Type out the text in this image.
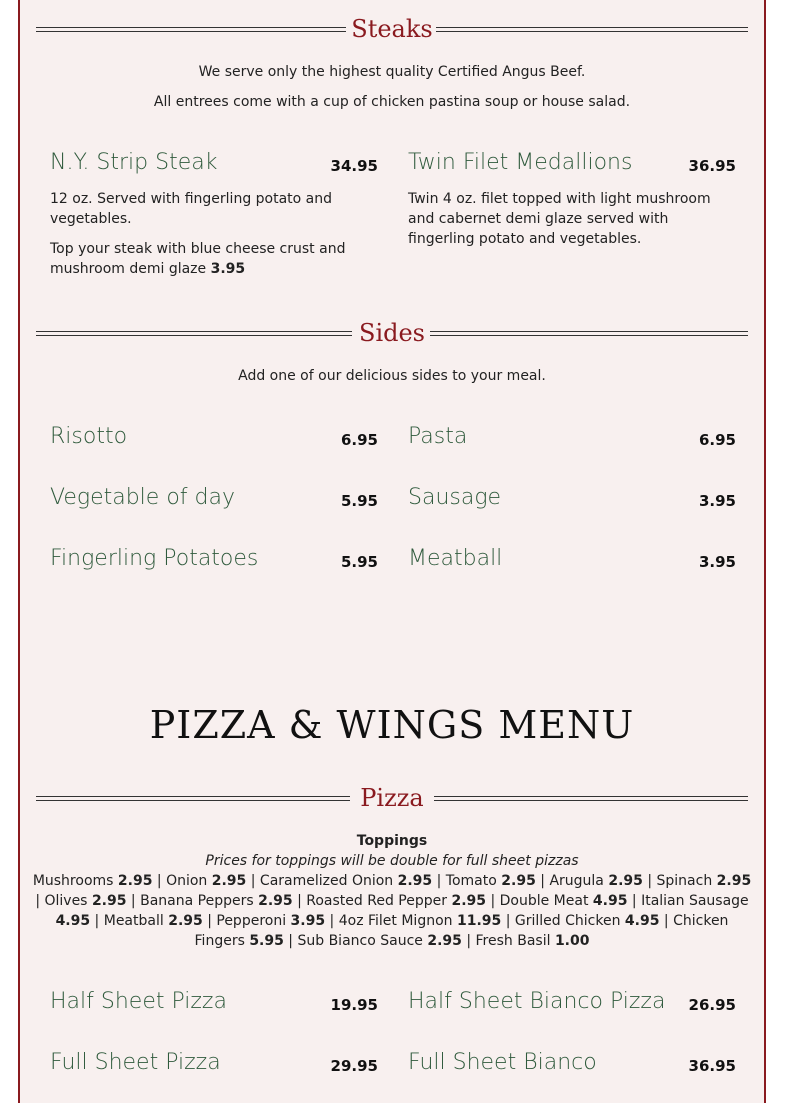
Steaks
We serve only the highest quality Certified Angus Beef.
All entrees come with a cup of chicken pastina soup or house salad.
N.Y. Strip Steak	34.95
12 oz. Served with fingerling potato and vegetables.
Top your steak with blue cheese crust and mushroom demi glaze 3.95
Twin Filet Medallions	36.95
Twin 4 oz. filet topped with light mushroom and cabernet demi glaze served with fingerling potato and vegetables.
Sides
Add one of our delicious sides to your meal.
Risotto	6.95 Pasta	6.95
Vegetable of day	5.95 Sausage	3.95
Fingerling Potatoes	5.95 Meatball	3.95
PIZZA & WINGS MENU
Pizza
Toppings
Prices for toppings will be double for full sheet pizzas
Mushrooms 2.95 | Onion 2.95 | Caramelized Onion 2.95 | Tomato 2.95 | Arugula 2.95 | Spinach 2.95 | Olives 2.95 | Banana Peppers 2.95 | Roasted Red Pepper 2.95 | Double Meat 4.95 | Italian Sausage 4.95 | Meatball 2.95 | Pepperoni 3.95 | 4oz Filet Mignon 11.95 | Grilled Chicken 4.95 | Chicken Fingers 5.95 | Sub Bianco Sauce 2.95 | Fresh Basil 1.00
Half Sheet Pizza	19.95 Half Sheet Bianco Pizza	26.95
Full Sheet Pizza	29.95 Full Sheet Bianco	36.95
